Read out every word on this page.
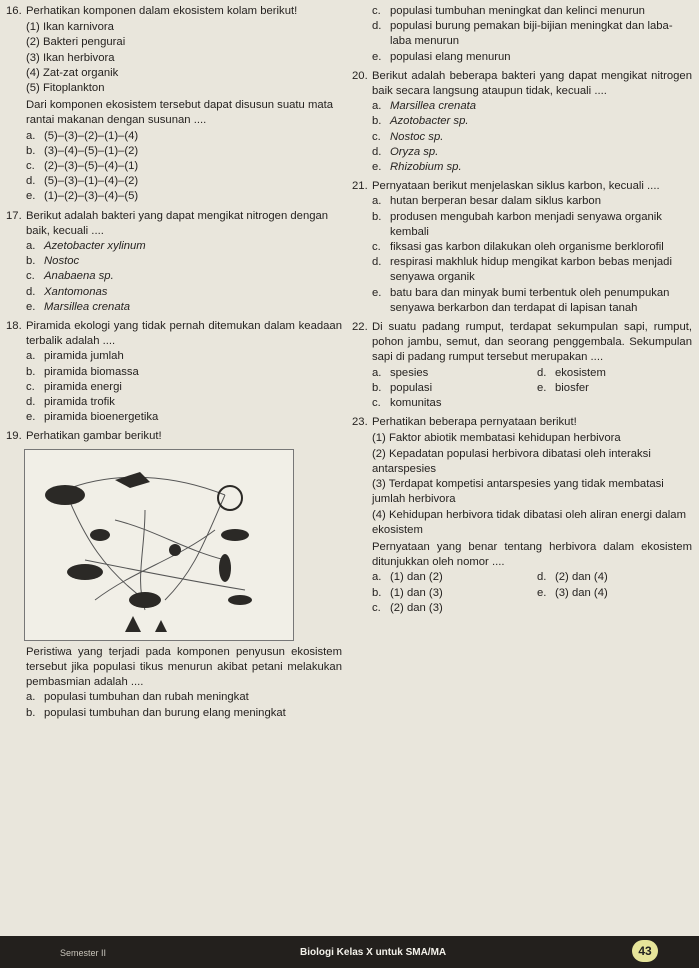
16. Perhatikan komponen dalam ekosistem kolam berikut!
(1) Ikan karnivora
(2) Bakteri pengurai
(3) Ikan herbivora
(4) Zat-zat organik
(5) Fitoplankton
Dari komponen ekosistem tersebut dapat disusun suatu mata rantai makanan dengan susunan ....
a. (5)–(3)–(2)–(1)–(4)
b. (3)–(4)–(5)–(1)–(2)
c. (2)–(3)–(5)–(4)–(1)
d. (5)–(3)–(1)–(4)–(2)
e. (1)–(2)–(3)–(4)–(5)
17. Berikut adalah bakteri yang dapat mengikat nitrogen dengan baik, kecuali ....
a. Azetobacter xylinum
b. Nostoc
c. Anabaena sp.
d. Xantomonas
e. Marsillea crenata
18. Piramida ekologi yang tidak pernah ditemukan dalam keadaan terbalik adalah ....
a. piramida jumlah
b. piramida biomassa
c. piramida energi
d. piramida trofik
e. piramida bioenergetika
19. Perhatikan gambar berikut!
Peristiwa yang terjadi pada komponen penyusun ekosistem tersebut jika populasi tikus menurun akibat petani melakukan pembasmian adalah ....
a. populasi tumbuhan dan rubah meningkat
b. populasi tumbuhan dan burung elang meningkat
c. populasi tumbuhan meningkat dan kelinci menurun
d. populasi burung pemakan biji-bijian meningkat dan laba-laba menurun
e. populasi elang menurun
20. Berikut adalah beberapa bakteri yang dapat mengikat nitrogen baik secara langsung ataupun tidak, kecuali ....
a. Marsillea crenata
b. Azotobacter sp.
c. Nostoc sp.
d. Oryza sp.
e. Rhizobium sp.
21. Pernyataan berikut menjelaskan siklus karbon, kecuali ....
a. hutan berperan besar dalam siklus karbon
b. produsen mengubah karbon menjadi senyawa organik kembali
c. fiksasi gas karbon dilakukan oleh organisme berklorofil
d. respirasi makhluk hidup mengikat karbon bebas menjadi senyawa organik
e. batu bara dan minyak bumi terbentuk oleh penumpukan senyawa berkarbon dan terdapat di lapisan tanah
22. Di suatu padang rumput, terdapat sekumpulan sapi, rumput, pohon jambu, semut, dan seorang penggembala. Sekumpulan sapi di padang rumput tersebut merupakan ....
a. spesies	d. ekosistem
b. populasi	e. biosfer
c. komunitas
23. Perhatikan beberapa pernyataan berikut!
(1) Faktor abiotik membatasi kehidupan herbivora
(2) Kepadatan populasi herbivora dibatasi oleh interaksi antarspesies
(3) Terdapat kompetisi antarspesies yang tidak membatasi jumlah herbivora
(4) Kehidupan herbivora tidak dibatasi oleh aliran energi dalam ekosistem
Pernyataan yang benar tentang herbivora dalam ekosistem ditunjukkan oleh nomor ....
a. (1) dan (2)	d. (2) dan (4)
b. (1) dan (3)	e. (3) dan (4)
c. (2) dan (3)
Semester II	Biologi Kelas X untuk SMA/MA	43
